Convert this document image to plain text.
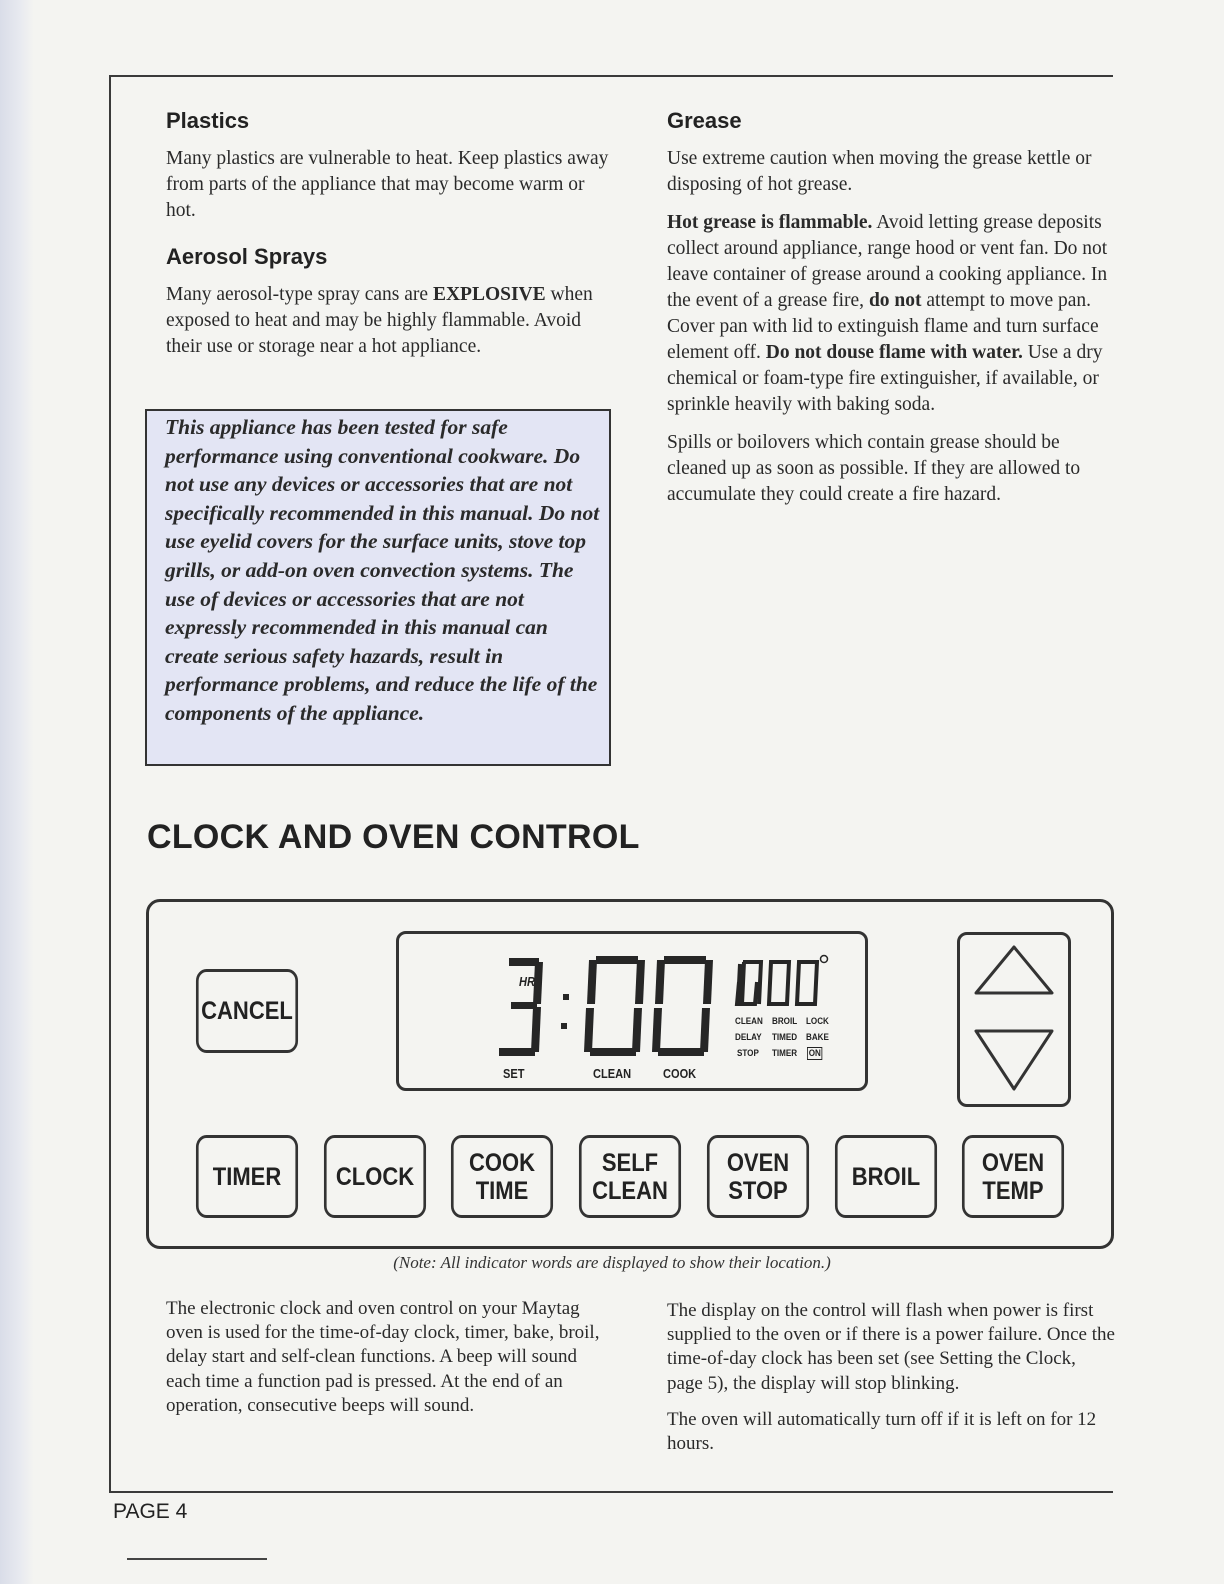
Plastics

Many plastics are vulnerable to heat. Keep plastics away from parts of the appliance that may become warm or hot.

Aerosol Sprays

Many aerosol-type spray cans are EXPLOSIVE when exposed to heat and may be highly flammable. Avoid their use or storage near a hot appliance.

This appliance has been tested for safe performance using conventional cookware. Do not use any devices or accessories that are not specifically recommended in this manual. Do not use eyelid covers for the surface units, stove top grills, or add-on oven convection systems. The use of devices or accessories that are not expressly recommended in this manual can create serious safety hazards, result in performance problems, and reduce the life of the components of the appliance.

Grease

Use extreme caution when moving the grease kettle or disposing of hot grease.

Hot grease is flammable. Avoid letting grease deposits collect around appliance, range hood or vent fan. Do not leave container of grease around a cooking appliance. In the event of a grease fire, do not attempt to move pan. Cover pan with lid to extinguish flame and turn surface element off. Do not douse flame with water. Use a dry chemical or foam-type fire extinguisher, if available, or sprinkle heavily with baking soda.

Spills or boilovers which contain grease should be cleaned up as soon as possible. If they are allowed to accumulate they could create a fire hazard.

CLOCK AND OVEN CONTROL
CANCEL
HR
SET	CLEAN COOK
CLEAN BROIL LOCK
DELAY TIMED BAKE
STOP TIMER ON
TIMER CLOCK COOK
TIME
SELF
CLEAN
OVEN
STOP	BROIL OVEN
TEMP
(Note: All indicator words are displayed to show their location.)

The electronic clock and oven control on your Maytag oven is used for the time-of-day clock, timer, bake, broil, delay start and self-clean functions. A beep will sound each time a function pad is pressed. At the end of an operation, consecutive beeps will sound.

The display on the control will flash when power is first supplied to the oven or if there is a power failure. Once the time-of-day clock has been set (see Setting the Clock, page 5), the display will stop blinking.

The oven will automatically turn off if it is left on for 12 hours.

PAGE 4
